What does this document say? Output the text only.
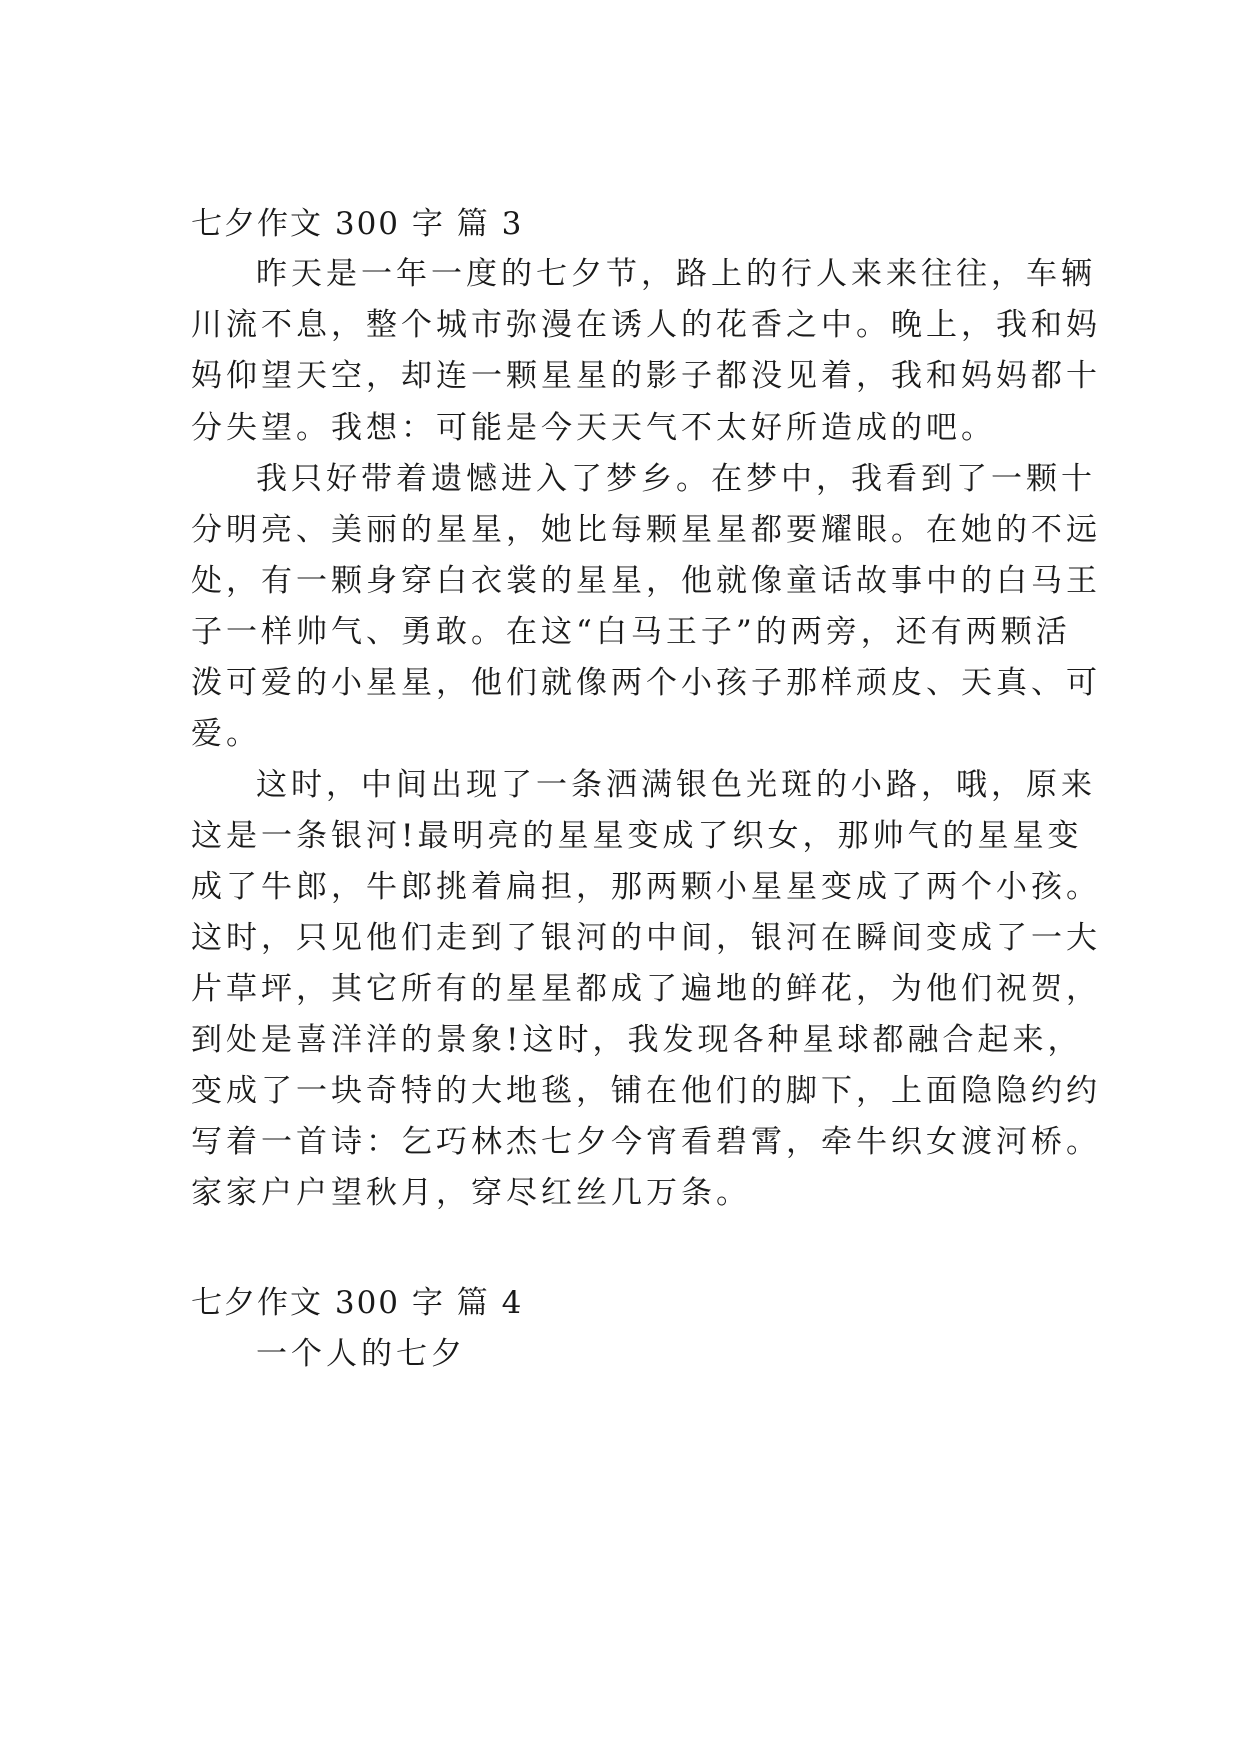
七夕作文 300 字 篇 3
昨天是一年一度的七夕节，路上的行人来来往往，车辆
川流不息，整个城市弥漫在诱人的花香之中。晚上，我和妈
妈仰望天空，却连一颗星星的影子都没见着，我和妈妈都十
分失望。我想：可能是今天天气不太好所造成的吧。
我只好带着遗憾进入了梦乡。在梦中，我看到了一颗十
分明亮、美丽的星星，她比每颗星星都要耀眼。在她的不远
处，有一颗身穿白衣裳的星星，他就像童话故事中的白马王
子一样帅气、勇敢。在这“白马王子”的两旁，还有两颗活
泼可爱的小星星，他们就像两个小孩子那样顽皮、天真、可
爱。
这时，中间出现了一条洒满银色光斑的小路，哦，原来
这是一条银河!最明亮的星星变成了织女，那帅气的星星变
成了牛郎，牛郎挑着扁担，那两颗小星星变成了两个小孩。
这时，只见他们走到了银河的中间，银河在瞬间变成了一大
片草坪，其它所有的星星都成了遍地的鲜花，为他们祝贺，
到处是喜洋洋的景象!这时，我发现各种星球都融合起来，
变成了一块奇特的大地毯，铺在他们的脚下，上面隐隐约约
写着一首诗：乞巧林杰七夕今宵看碧霄，牵牛织女渡河桥。
家家户户望秋月，穿尽红丝几万条。
七夕作文 300 字 篇 4
一个人的七夕
